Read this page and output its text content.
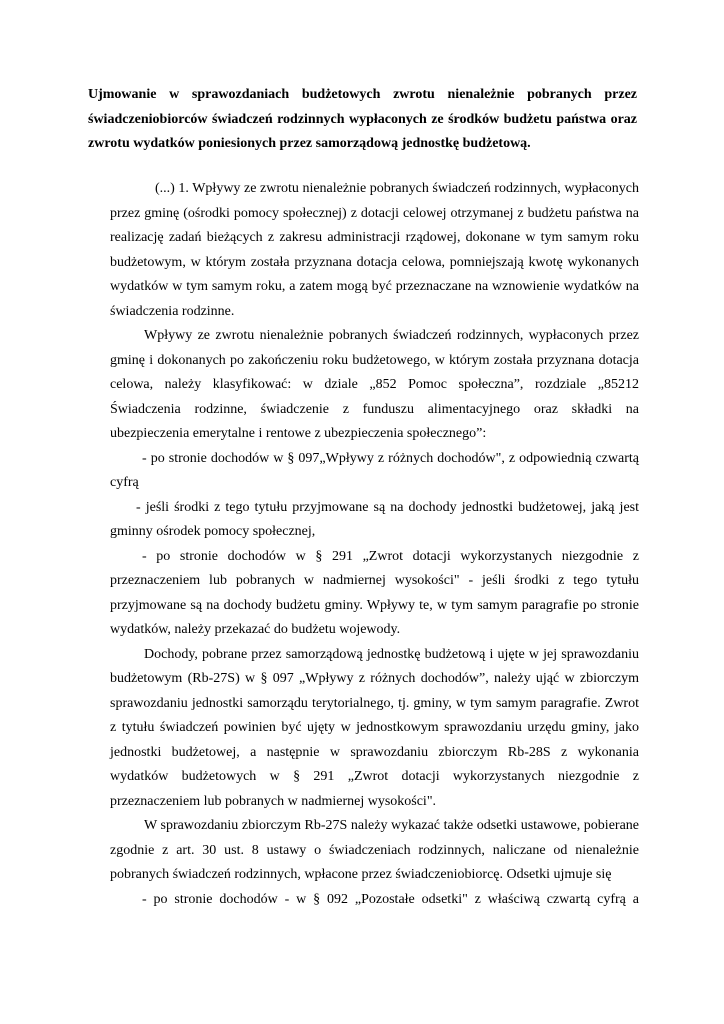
Ujmowanie w sprawozdaniach budżetowych zwrotu nienależnie pobranych przez świadczeniobiorców świadczeń rodzinnych wypłaconych ze środków budżetu państwa oraz zwrotu wydatków poniesionych przez samorządową jednostkę budżetową.

(...) 1. Wpływy ze zwrotu nienależnie pobranych świadczeń rodzinnych, wypłaconych przez gminę (ośrodki pomocy społecznej) z dotacji celowej otrzymanej z budżetu państwa na realizację zadań bieżących z zakresu administracji rządowej, dokonane w tym samym roku budżetowym, w którym została przyznana dotacja celowa, pomniejszają kwotę wykonanych wydatków w tym samym roku, a zatem mogą być przeznaczane na wznowienie wydatków na świadczenia rodzinne.

Wpływy ze zwrotu nienależnie pobranych świadczeń rodzinnych, wypłaconych przez gminę i dokonanych po zakończeniu roku budżetowego, w którym została przyznana dotacja celowa, należy klasyfikować: w dziale „852 Pomoc społeczna”, rozdziale „85212 Świadczenia rodzinne, świadczenie z funduszu alimentacyjnego oraz składki na ubezpieczenia emerytalne i rentowe z ubezpieczenia społecznego”:

- po stronie dochodów w § 097„Wpływy z różnych dochodów", z odpowiednią czwartą cyfrą

- jeśli środki z tego tytułu przyjmowane są na dochody jednostki budżetowej, jaką jest gminny ośrodek pomocy społecznej,

- po stronie dochodów w § 291 „Zwrot dotacji wykorzystanych niezgodnie z przeznaczeniem lub pobranych w nadmiernej wysokości" - jeśli środki z tego tytułu przyjmowane są na dochody budżetu gminy. Wpływy te, w tym samym paragrafie po stronie wydatków, należy przekazać do budżetu wojewody.

Dochody, pobrane przez samorządową jednostkę budżetową i ujęte w jej sprawozdaniu budżetowym (Rb-27S) w § 097 „Wpływy z różnych dochodów”, należy ująć w zbiorczym sprawozdaniu jednostki samorządu terytorialnego, tj. gminy, w tym samym paragrafie. Zwrot z tytułu świadczeń powinien być ujęty w jednostkowym sprawozdaniu urzędu gminy, jako jednostki budżetowej, a następnie w sprawozdaniu zbiorczym Rb-28S z wykonania wydatków budżetowych w § 291 „Zwrot dotacji wykorzystanych niezgodnie z przeznaczeniem lub pobranych w nadmiernej wysokości".

W sprawozdaniu zbiorczym Rb-27S należy wykazać także odsetki ustawowe, pobierane zgodnie z art. 30 ust. 8 ustawy o świadczeniach rodzinnych, naliczane od nienależnie pobranych świadczeń rodzinnych, wpłacone przez świadczeniobiorcę. Odsetki ujmuje się

- po stronie dochodów - w § 092 „Pozostałe odsetki" z właściwą czwartą cyfrą a
